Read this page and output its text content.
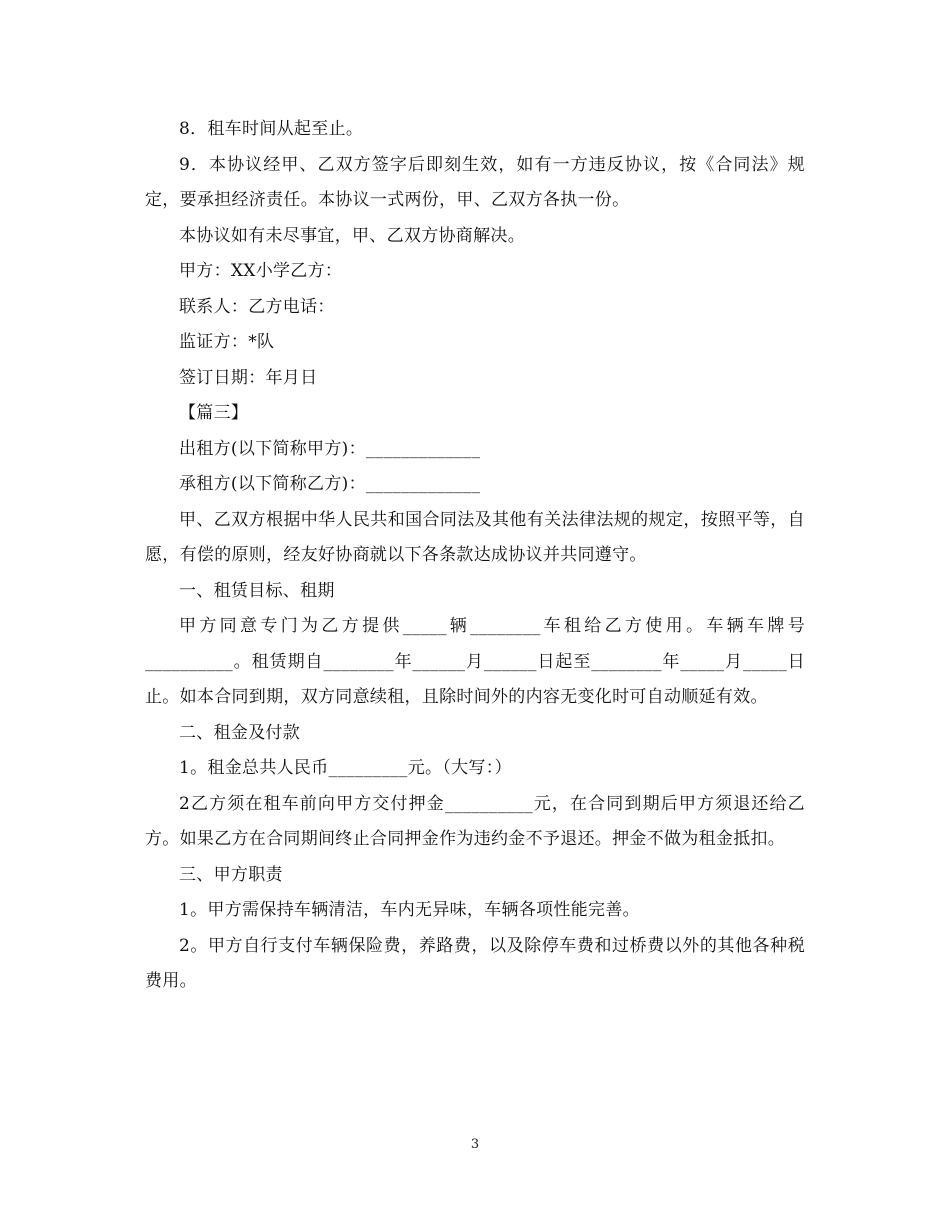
8．租车时间从起至止。

9．本协议经甲、乙双方签字后即刻生效，如有一方违反协议，按《合同法》规定，要承担经济责任。本协议一式两份，甲、乙双方各执一份。

本协议如有未尽事宜，甲、乙双方协商解决。

甲方：XX小学乙方：

联系人：乙方电话：

监证方：*队

签订日期：年月日

【篇三】

出租方(以下简称甲方)：_____________

承租方(以下简称乙方)：_____________

甲、乙双方根据中华人民共和国合同法及其他有关法律法规的规定，按照平等，自愿，有偿的原则，经友好协商就以下各条款达成协议并共同遵守。

一、租赁目标、租期

甲方同意专门为乙方提供_____辆________车租给乙方使用。车辆车牌号__________。租赁期自________年______月______日起至________年_____月_____日止。如本合同到期，双方同意续租，且除时间外的内容无变化时可自动顺延有效。

二、租金及付款

1。租金总共人民币_________元。（大写：）

2乙方须在租车前向甲方交付押金__________元，在合同到期后甲方须退还给乙方。如果乙方在合同期间终止合同押金作为违约金不予退还。押金不做为租金抵扣。

三、甲方职责

1。甲方需保持车辆清洁，车内无异味，车辆各项性能完善。

2。甲方自行支付车辆保险费，养路费，以及除停车费和过桥费以外的其他各种税费用。

3
